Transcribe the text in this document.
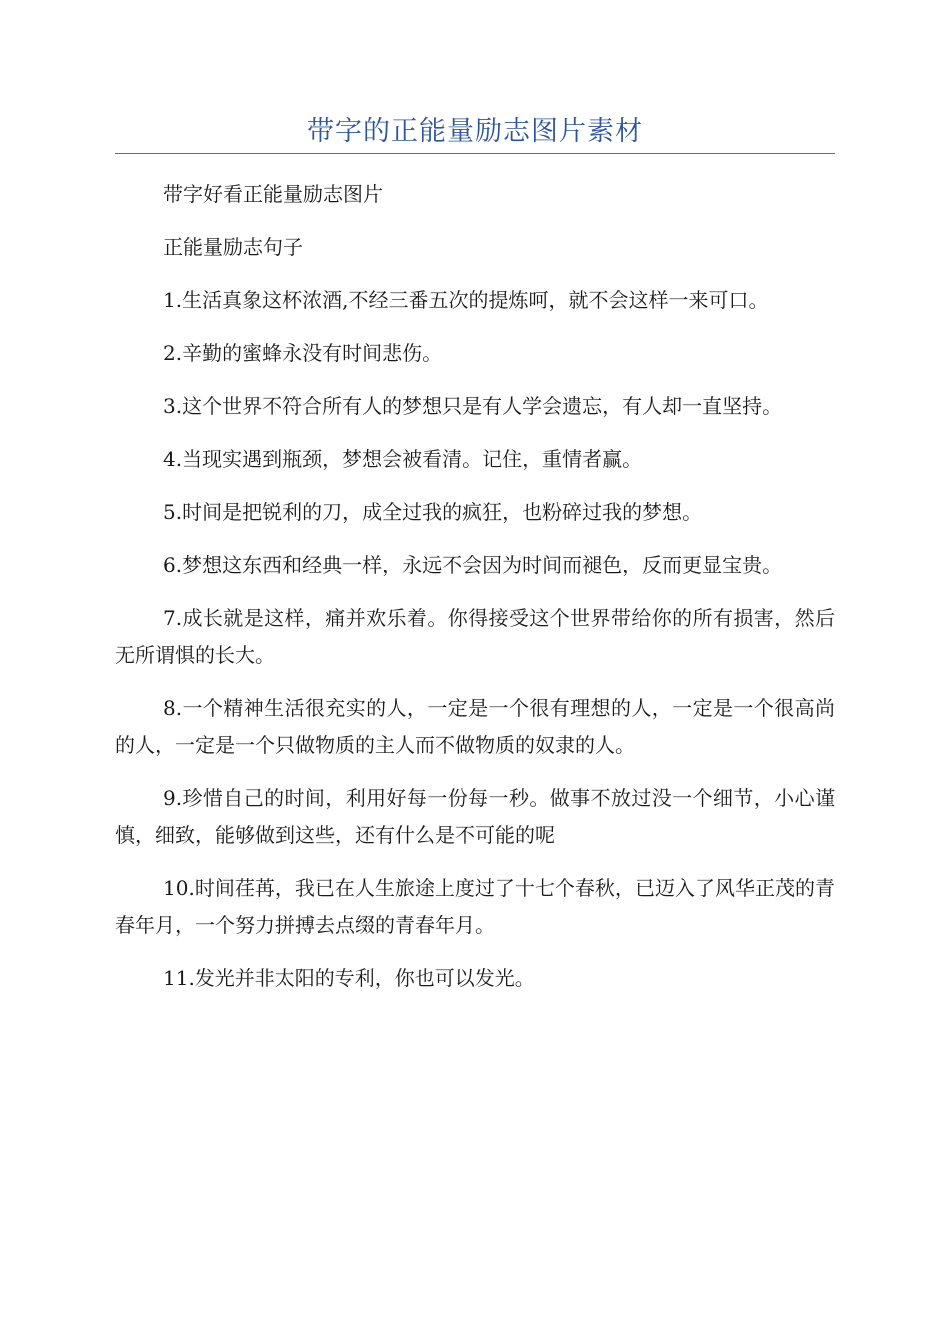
带字的正能量励志图片素材

带字好看正能量励志图片

正能量励志句子

1.生活真象这杯浓酒,不经三番五次的提炼呵，就不会这样一来可口。

2.辛勤的蜜蜂永没有时间悲伤。

3.这个世界不符合所有人的梦想只是有人学会遗忘，有人却一直坚持。

4.当现实遇到瓶颈，梦想会被看清。记住，重情者赢。

5.时间是把锐利的刀，成全过我的疯狂，也粉碎过我的梦想。

6.梦想这东西和经典一样，永远不会因为时间而褪色，反而更显宝贵。

7.成长就是这样，痛并欢乐着。你得接受这个世界带给你的所有损害，然后无所谓惧的长大。

8.一个精神生活很充实的人，一定是一个很有理想的人，一定是一个很高尚的人，一定是一个只做物质的主人而不做物质的奴隶的人。

9.珍惜自己的时间，利用好每一份每一秒。做事不放过没一个细节，小心谨慎，细致，能够做到这些，还有什么是不可能的呢

10.时间荏苒，我已在人生旅途上度过了十七个春秋，已迈入了风华正茂的青春年月，一个努力拼搏去点缀的青春年月。

11.发光并非太阳的专利，你也可以发光。
